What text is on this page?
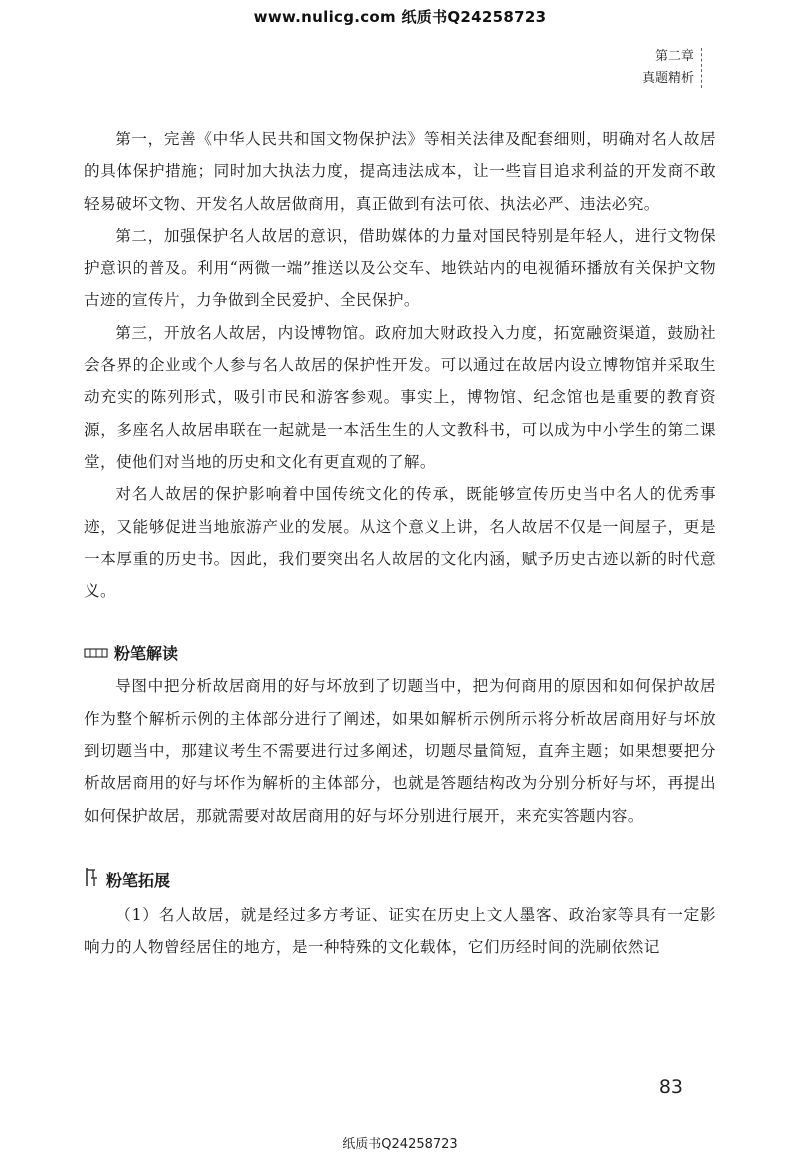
www.nulicg.com 纸质书Q24258723
第二章
真题精析

第一，完善《中华人民共和国文物保护法》等相关法律及配套细则，明确对名人故居的具体保护措施；同时加大执法力度，提高违法成本，让一些盲目追求利益的开发商不敢轻易破坏文物、开发名人故居做商用，真正做到有法可依、执法必严、违法必究。

第二，加强保护名人故居的意识，借助媒体的力量对国民特别是年轻人，进行文物保护意识的普及。利用“两微一端”推送以及公交车、地铁站内的电视循环播放有关保护文物古迹的宣传片，力争做到全民爱护、全民保护。

第三，开放名人故居，内设博物馆。政府加大财政投入力度，拓宽融资渠道，鼓励社会各界的企业或个人参与名人故居的保护性开发。可以通过在故居内设立博物馆并采取生动充实的陈列形式，吸引市民和游客参观。事实上，博物馆、纪念馆也是重要的教育资源，多座名人故居串联在一起就是一本活生生的人文教科书，可以成为中小学生的第二课堂，使他们对当地的历史和文化有更直观的了解。

对名人故居的保护影响着中国传统文化的传承，既能够宣传历史当中名人的优秀事迹，又能够促进当地旅游产业的发展。从这个意义上讲，名人故居不仅是一间屋子，更是一本厚重的历史书。因此，我们要突出名人故居的文化内涵，赋予历史古迹以新的时代意义。

粉笔解读

导图中把分析故居商用的好与坏放到了切题当中，把为何商用的原因和如何保护故居作为整个解析示例的主体部分进行了阐述，如果如解析示例所示将分析故居商用好与坏放到切题当中，那建议考生不需要进行过多阐述，切题尽量简短，直奔主题；如果想要把分析故居商用的好与坏作为解析的主体部分，也就是答题结构改为分别分析好与坏，再提出如何保护故居，那就需要对故居商用的好与坏分别进行展开，来充实答题内容。

粉笔拓展

（1）名人故居，就是经过多方考证、证实在历史上文人墨客、政治家等具有一定影响力的人物曾经居住的地方，是一种特殊的文化载体，它们历经时间的洗刷依然记

83
纸质书Q24258723
